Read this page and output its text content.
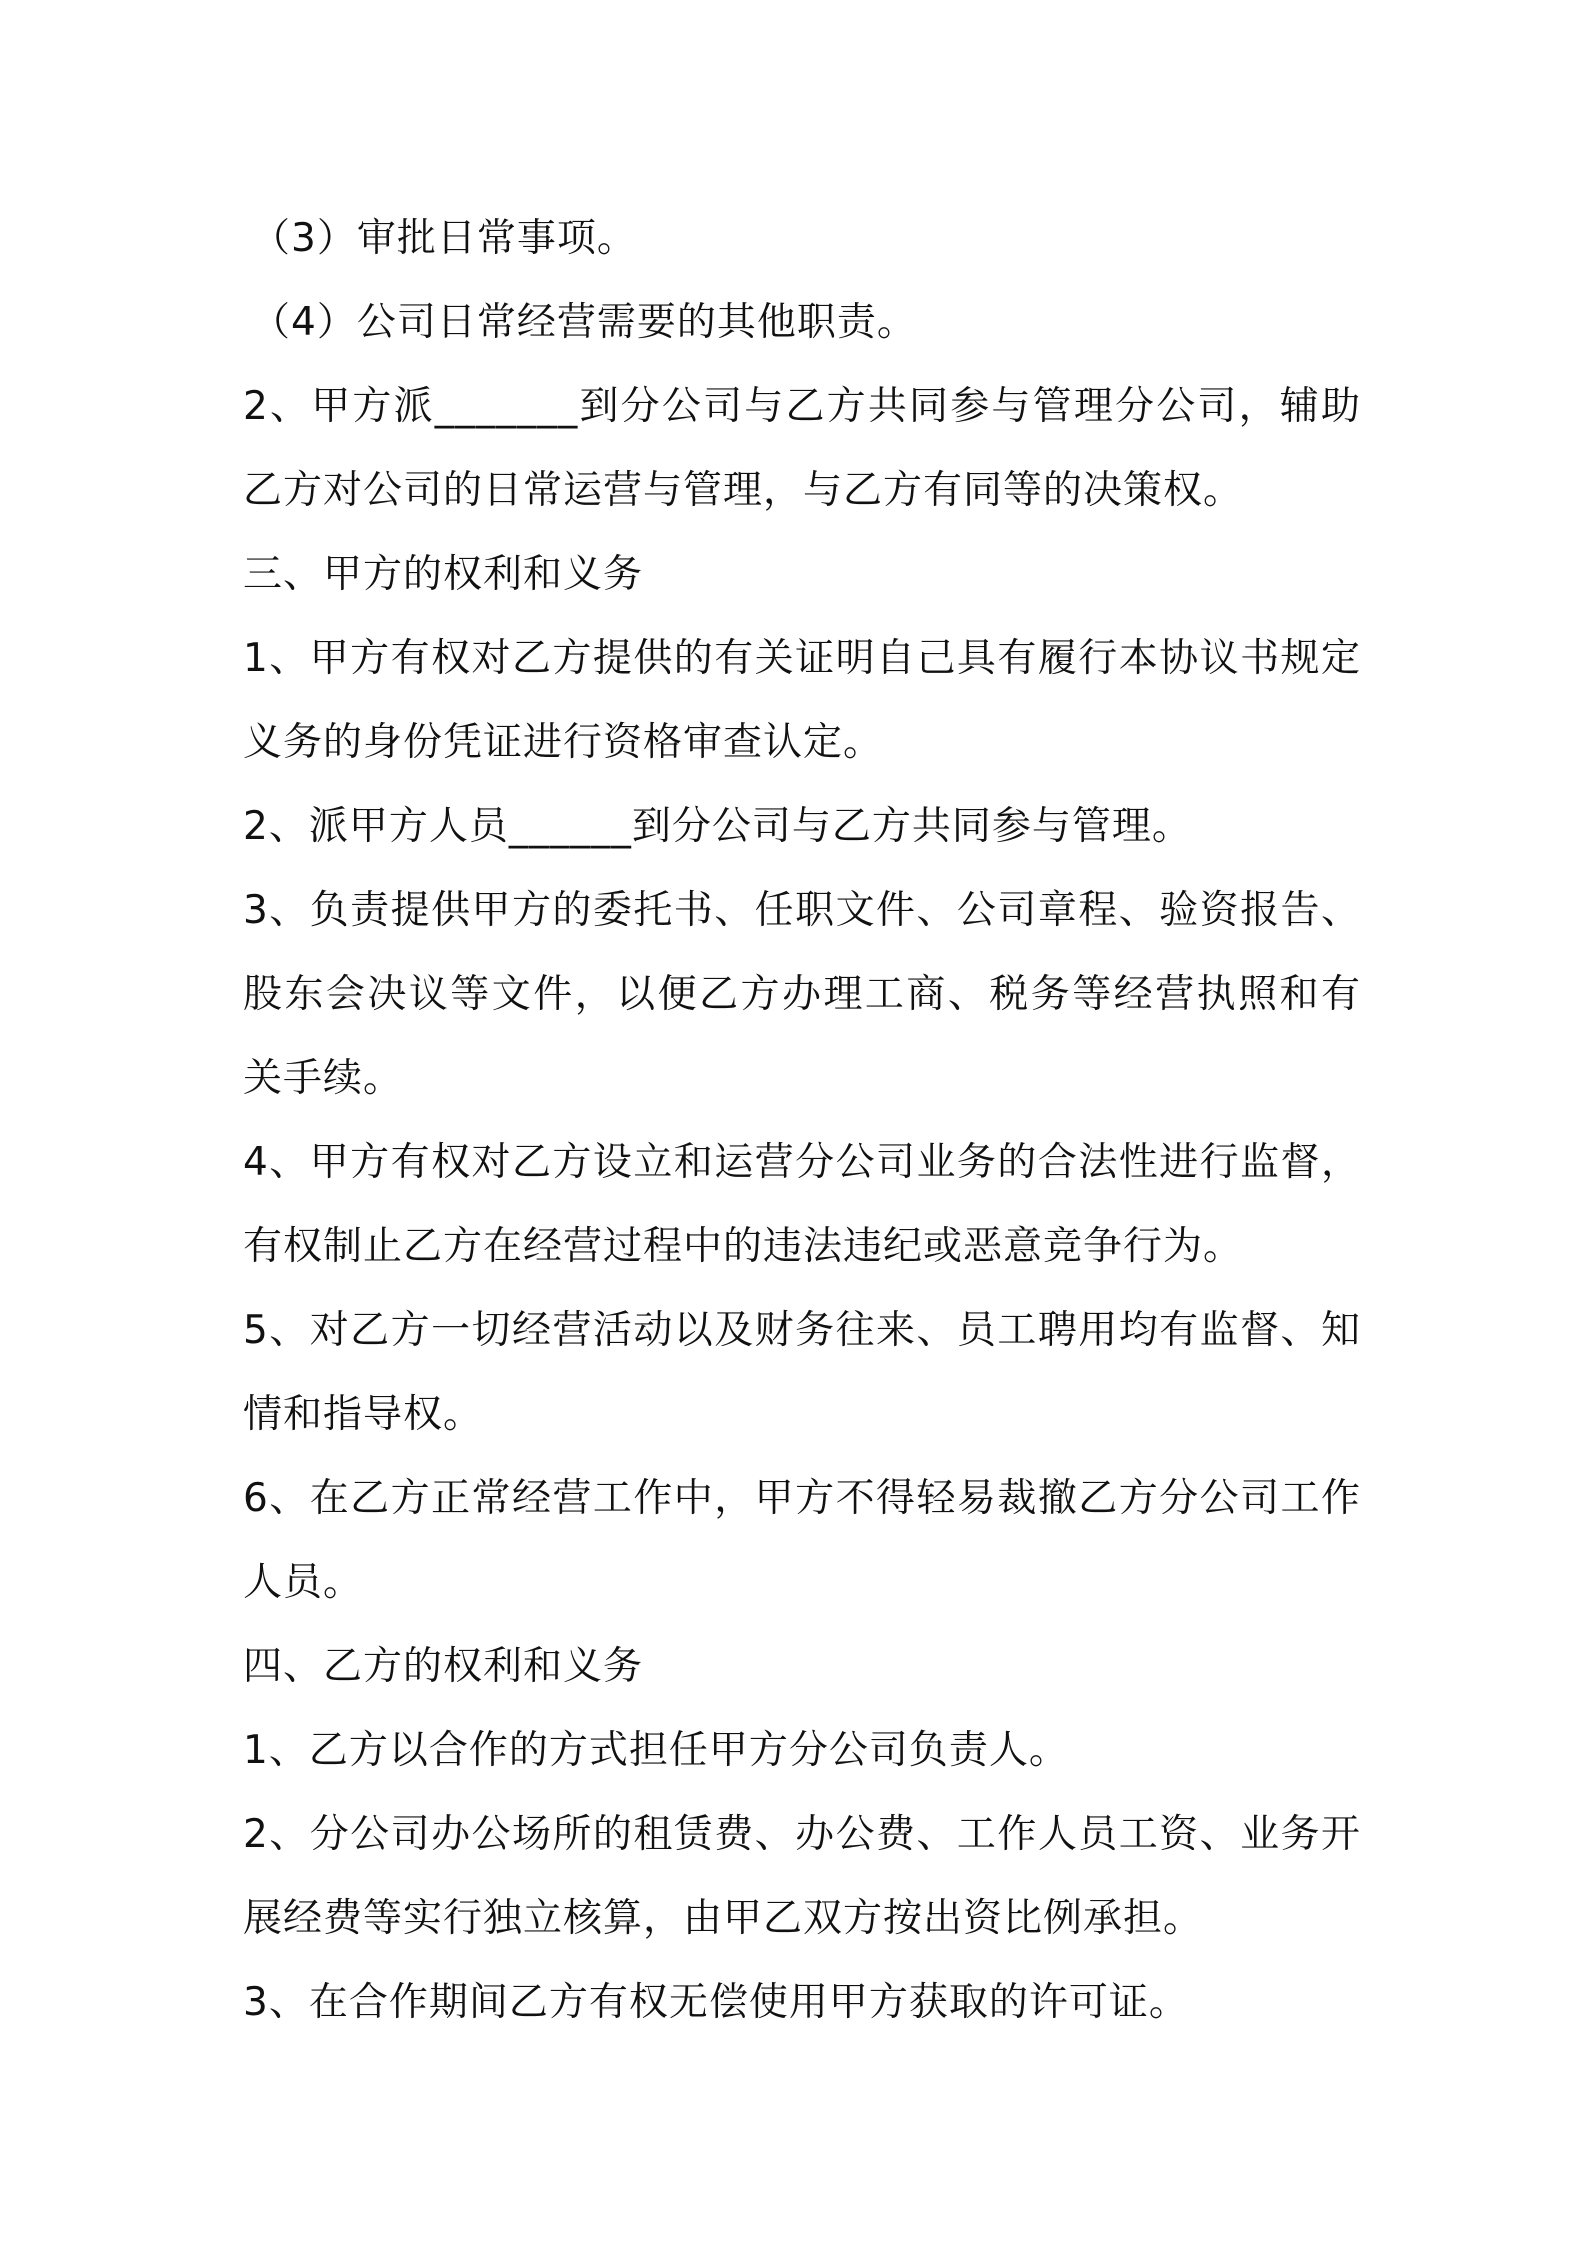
（3）审批日常事项。

（4）公司日常经营需要的其他职责。

2、甲方派_______到分公司与乙方共同参与管理分公司，辅助乙方对公司的日常运营与管理，与乙方有同等的决策权。

三、甲方的权利和义务

1、甲方有权对乙方提供的有关证明自己具有履行本协议书规定义务的身份凭证进行资格审查认定。

2、派甲方人员______到分公司与乙方共同参与管理。

3、负责提供甲方的委托书、任职文件、公司章程、验资报告、股东会决议等文件，以便乙方办理工商、税务等经营执照和有关手续。

4、甲方有权对乙方设立和运营分公司业务的合法性进行监督，有权制止乙方在经营过程中的违法违纪或恶意竞争行为。

5、对乙方一切经营活动以及财务往来、员工聘用均有监督、知情和指导权。

6、在乙方正常经营工作中，甲方不得轻易裁撤乙方分公司工作人员。

四、乙方的权利和义务

1、乙方以合作的方式担任甲方分公司负责人。

2、分公司办公场所的租赁费、办公费、工作人员工资、业务开展经费等实行独立核算，由甲乙双方按出资比例承担。

3、在合作期间乙方有权无偿使用甲方获取的许可证。
